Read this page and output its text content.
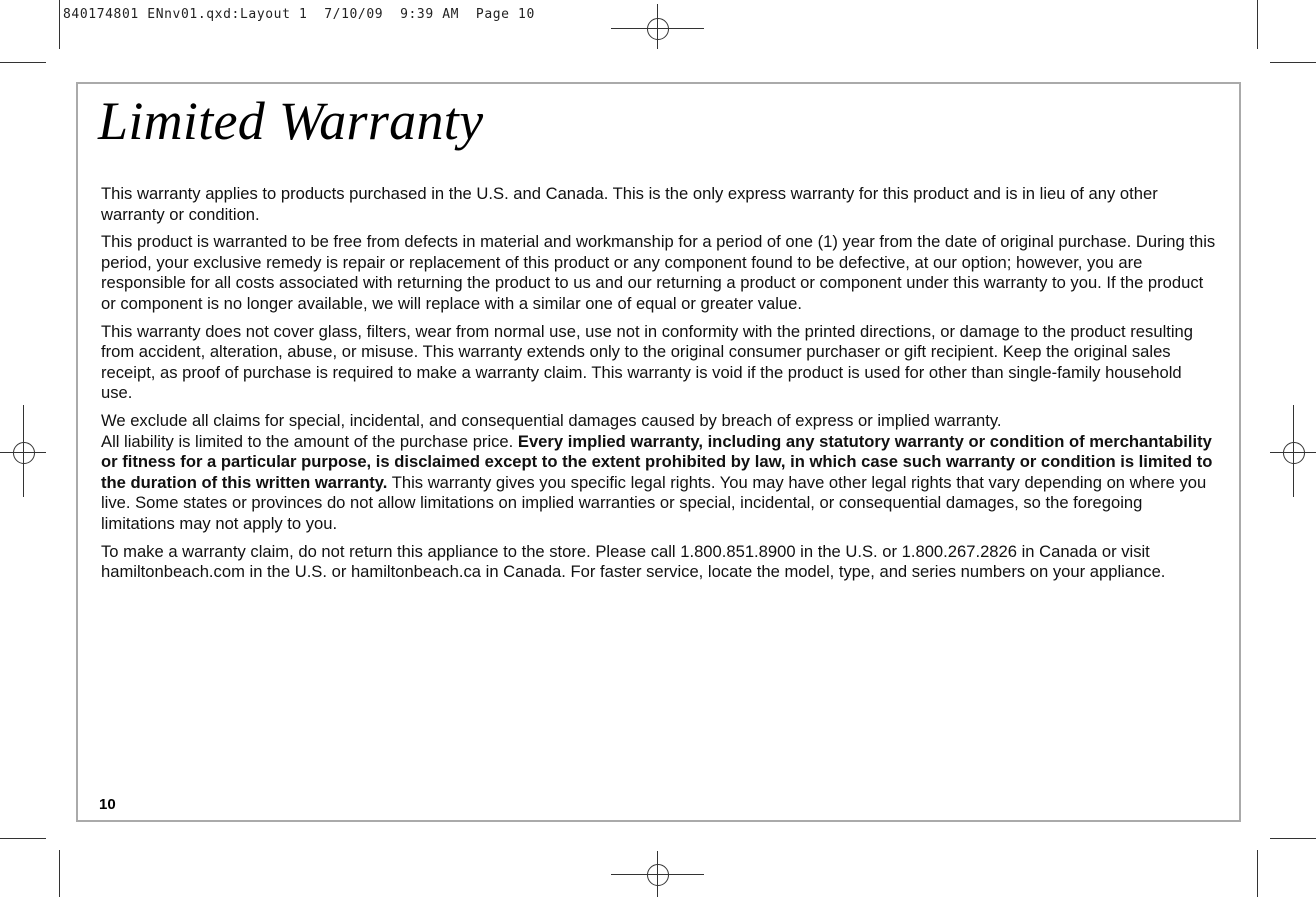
840174801 ENnv01.qxd:Layout 1  7/10/09  9:39 AM  Page 10
Limited Warranty

This warranty applies to products purchased in the U.S. and Canada. This is the only express warranty for this product and is in lieu of any other warranty or condition.

This product is warranted to be free from defects in material and workmanship for a period of one (1) year from the date of original purchase. During this period, your exclusive remedy is repair or replacement of this product or any component found to be defective, at our option; however, you are responsible for all costs associated with returning the product to us and our returning a product or component under this warranty to you. If the product or component is no longer available, we will replace with a similar one of equal or greater value.

This warranty does not cover glass, filters, wear from normal use, use not in conformity with the printed directions, or damage to the product resulting from accident, alteration, abuse, or misuse. This warranty extends only to the original consumer purchaser or gift recipient. Keep the original sales receipt, as proof of purchase is required to make a warranty claim. This warranty is void if the product is used for other than single-family household use.

We exclude all claims for special, incidental, and consequential damages caused by breach of express or implied warranty.

All liability is limited to the amount of the purchase price. Every implied warranty, including any statutory warranty or condition of merchantability or fitness for a particular purpose, is disclaimed except to the extent prohibited by law, in which case such warranty or condition is limited to the duration of this written warranty. This warranty gives you specific legal rights. You may have other legal rights that vary depending on where you live. Some states or provinces do not allow limitations on implied warranties or special, incidental, or consequential damages, so the foregoing limitations may not apply to you.

To make a warranty claim, do not return this appliance to the store. Please call 1.800.851.8900 in the U.S. or 1.800.267.2826 in Canada or visit hamiltonbeach.com in the U.S. or hamiltonbeach.ca in Canada. For faster service, locate the model, type, and series numbers on your appliance.

10
